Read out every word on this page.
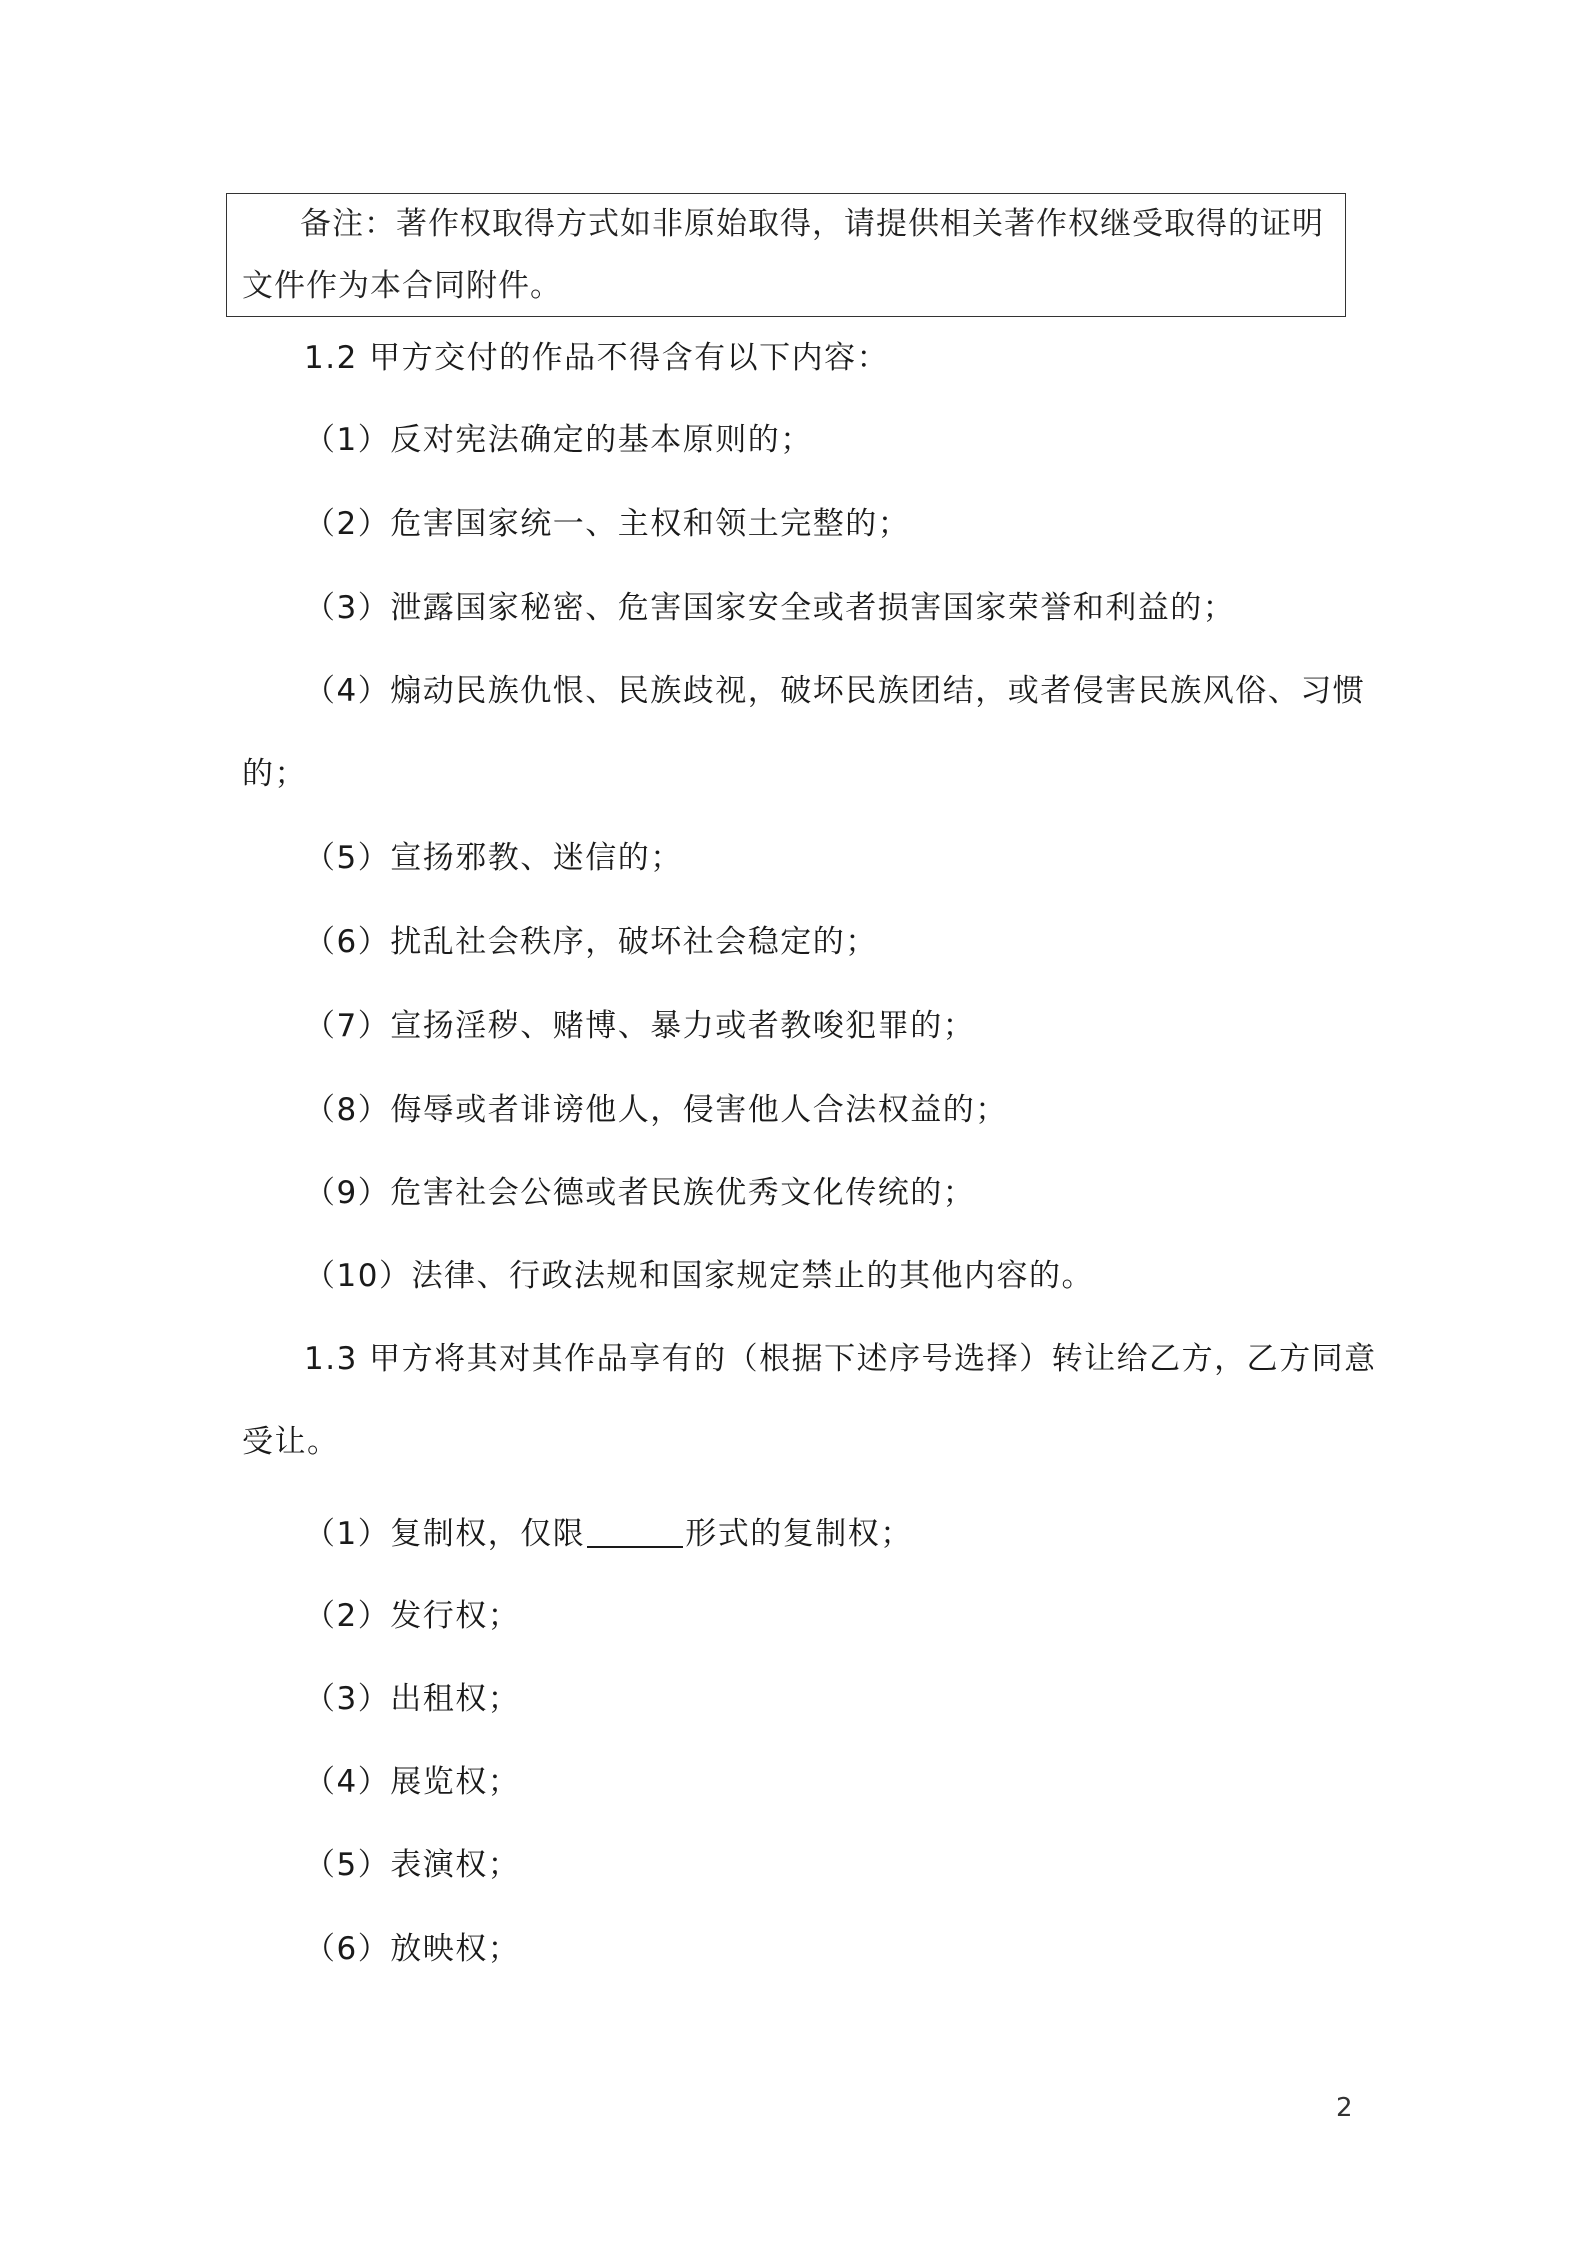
备注：著作权取得方式如非原始取得，请提供相关著作权继受取得的证明
文件作为本合同附件。
1.2 甲方交付的作品不得含有以下内容：
（1）反对宪法确定的基本原则的；
（2）危害国家统一、主权和领土完整的；
（3）泄露国家秘密、危害国家安全或者损害国家荣誉和利益的；
（4）煽动民族仇恨、民族歧视，破坏民族团结，或者侵害民族风俗、习惯
的；
（5）宣扬邪教、迷信的；
（6）扰乱社会秩序，破坏社会稳定的；
（7）宣扬淫秽、赌博、暴力或者教唆犯罪的；
（8）侮辱或者诽谤他人，侵害他人合法权益的；
（9）危害社会公德或者民族优秀文化传统的；
（10）法律、行政法规和国家规定禁止的其他内容的。
1.3 甲方将其对其作品享有的（根据下述序号选择）转让给乙方，乙方同意
受让。
（1）复制权，仅限	形式的复制权；
（2）发行权；
（3）出租权；
（4）展览权；
（5）表演权；
（6）放映权；
2
